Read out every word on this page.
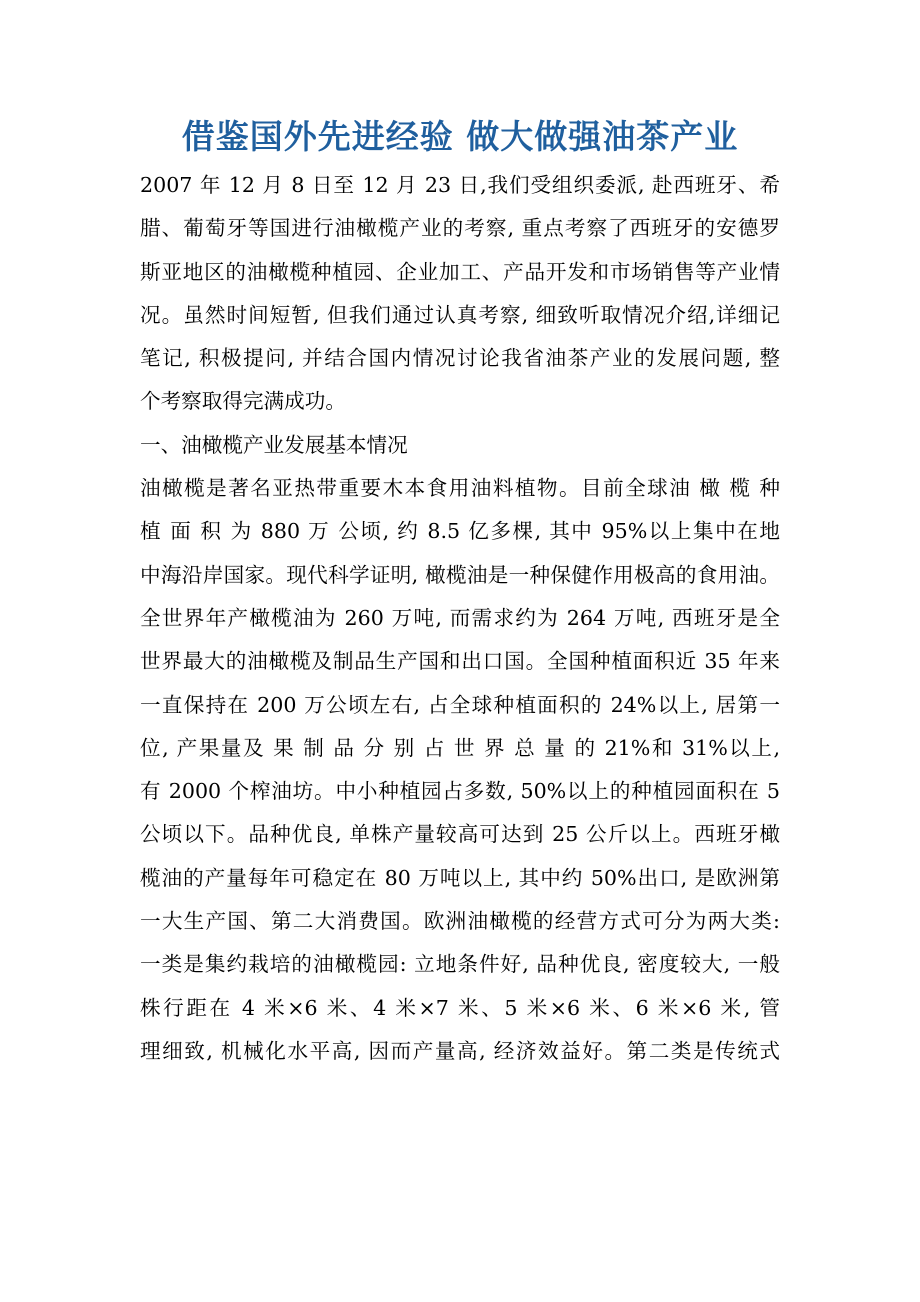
借鉴国外先进经验 做大做强油茶产业
2007 年 12 月 8 日至 12 月 23 日,我们受组织委派, 赴西班牙、希
腊、葡萄牙等国进行油橄榄产业的考察, 重点考察了西班牙的安德罗
斯亚地区的油橄榄种植园、企业加工、产品开发和市场销售等产业情
况。虽然时间短暂, 但我们通过认真考察, 细致听取情况介绍,详细记
笔记, 积极提问, 并结合国内情况讨论我省油茶产业的发展问题, 整
个考察取得完满成功。
一、油橄榄产业发展基本情况
油橄榄是著名亚热带重要木本食用油料植物。目前全球油 橄 榄 种
植 面 积 为 880 万 公顷, 约 8.5 亿多棵, 其中 95%以上集中在地
中海沿岸国家。现代科学证明, 橄榄油是一种保健作用极高的食用油。
全世界年产橄榄油为 260 万吨, 而需求约为 264 万吨, 西班牙是全
世界最大的油橄榄及制品生产国和出口国。全国种植面积近 35 年来
一直保持在 200 万公顷左右, 占全球种植面积的 24%以上, 居第一
位, 产果量及 果 制 品 分 别 占 世 界 总 量 的 21%和 31%以上,
有 2000 个榨油坊。中小种植园占多数, 50%以上的种植园面积在 5
公顷以下。品种优良, 单株产量较高可达到 25 公斤以上。西班牙橄
榄油的产量每年可稳定在 80 万吨以上, 其中约 50%出口, 是欧洲第
一大生产国、第二大消费国。欧洲油橄榄的经营方式可分为两大类:
一类是集约栽培的油橄榄园: 立地条件好, 品种优良, 密度较大, 一般
株行距在 4 米×6 米、4 米×7 米、5 米×6 米、6 米×6 米, 管
理细致, 机械化水平高, 因而产量高, 经济效益好。第二类是传统式
